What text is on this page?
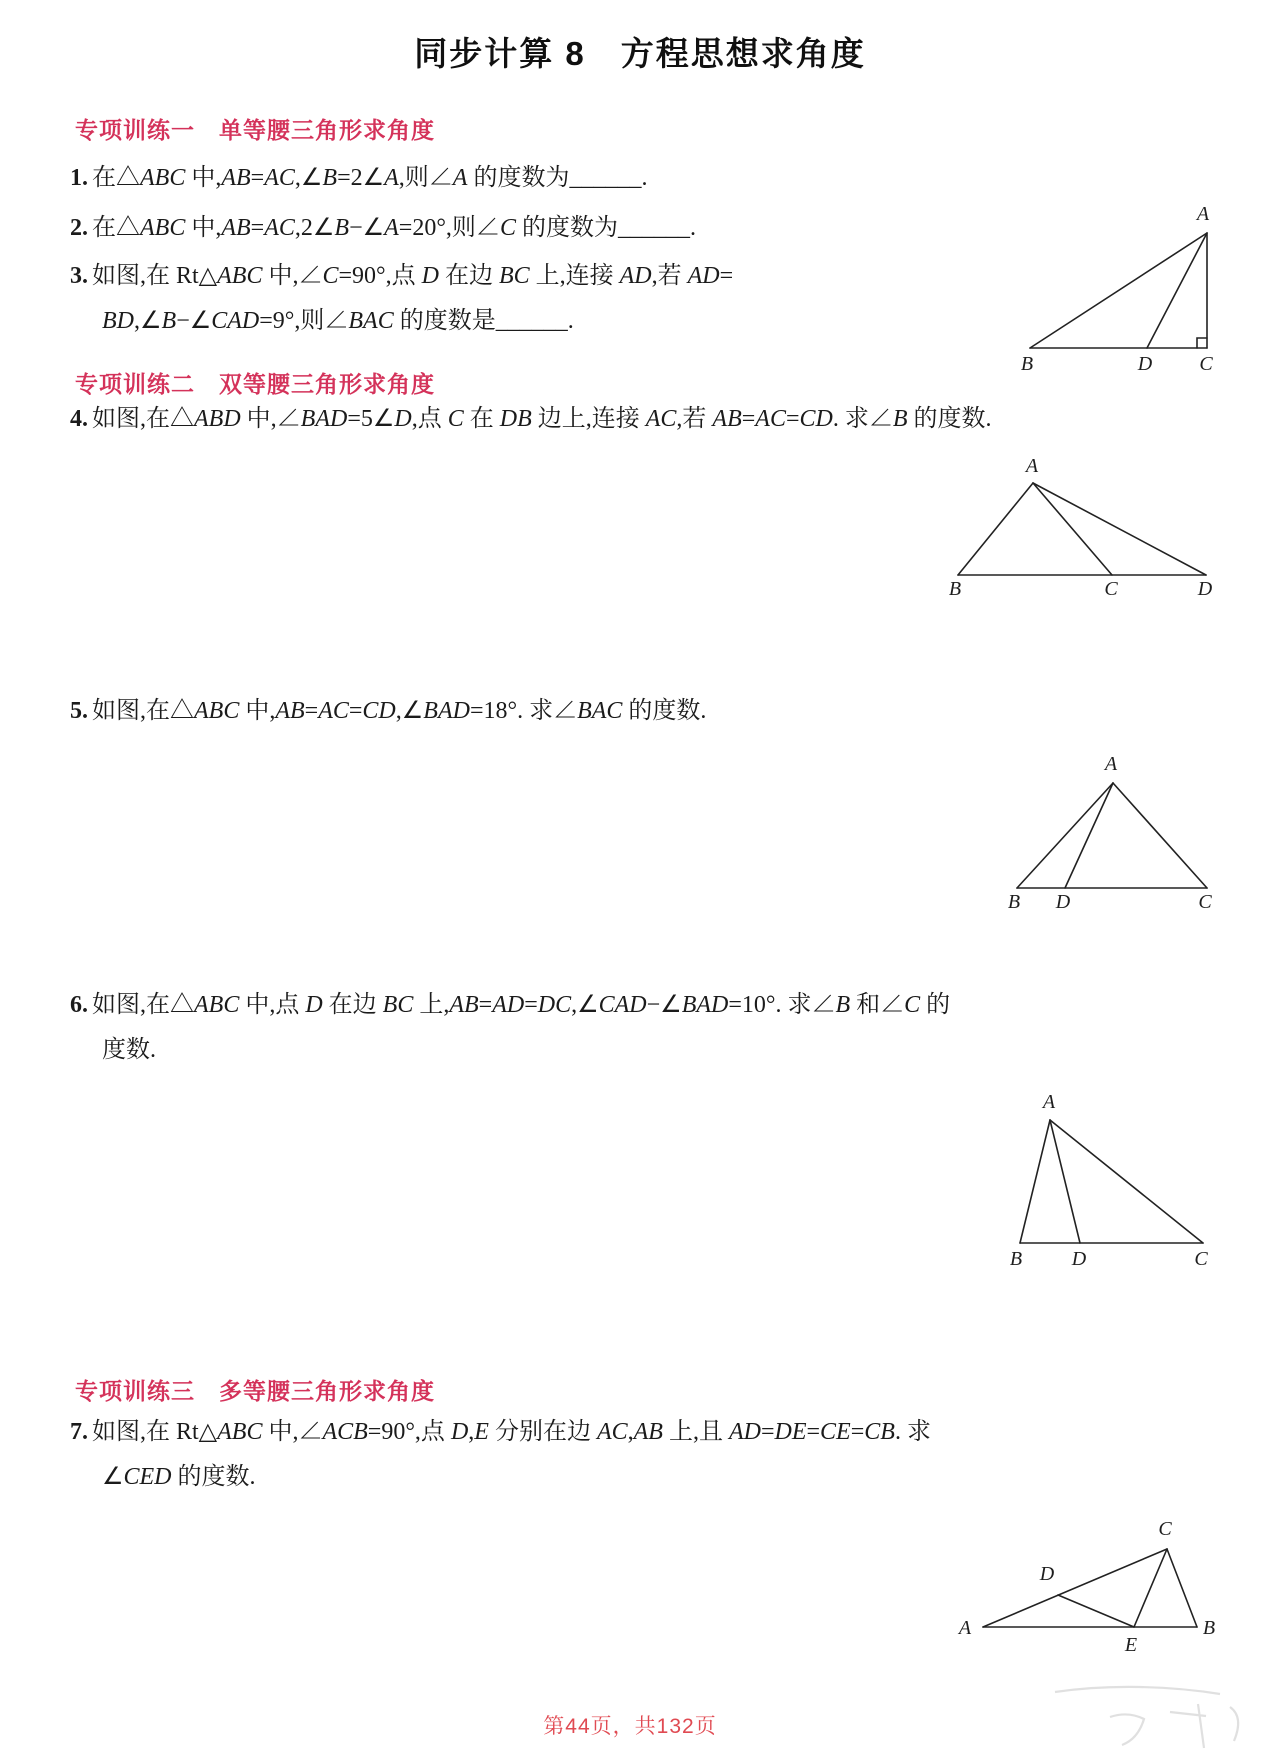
同步计算 8　方程思想求角度
专项训练一　单等腰三角形求角度
1. 在△ABC 中,AB=AC,∠B=2∠A,则∠A 的度数为______.
2. 在△ABC 中,AB=AC,2∠B−∠A=20°,则∠C 的度数为______.
3. 如图,在 Rt△ABC 中,∠C=90°,点 D 在边 BC 上,连接 AD,若 AD=
BD,∠B−∠CAD=9°,则∠BAC 的度数是______.
A
B	D C
专项训练二　双等腰三角形求角度
4. 如图,在△ABD 中,∠BAD=5∠D,点 C 在 DB 边上,连接 AC,若 AB=AC=CD. 求∠B 的度数.
A
B	C	D
5. 如图,在△ABC 中,AB=AC=CD,∠BAD=18°. 求∠BAC 的度数.
A
B D	C
6. 如图,在△ABC 中,点 D 在边 BC 上,AB=AD=DC,∠CAD−∠BAD=10°. 求∠B 和∠C 的
度数.
A
B D	C
专项训练三　多等腰三角形求角度
7. 如图,在 Rt△ABC 中,∠ACB=90°,点 D,E 分别在边 AC,AB 上,且 AD=DE=CE=CB. 求
∠CED 的度数.
A
D
C
E
B
第44页，共132页
